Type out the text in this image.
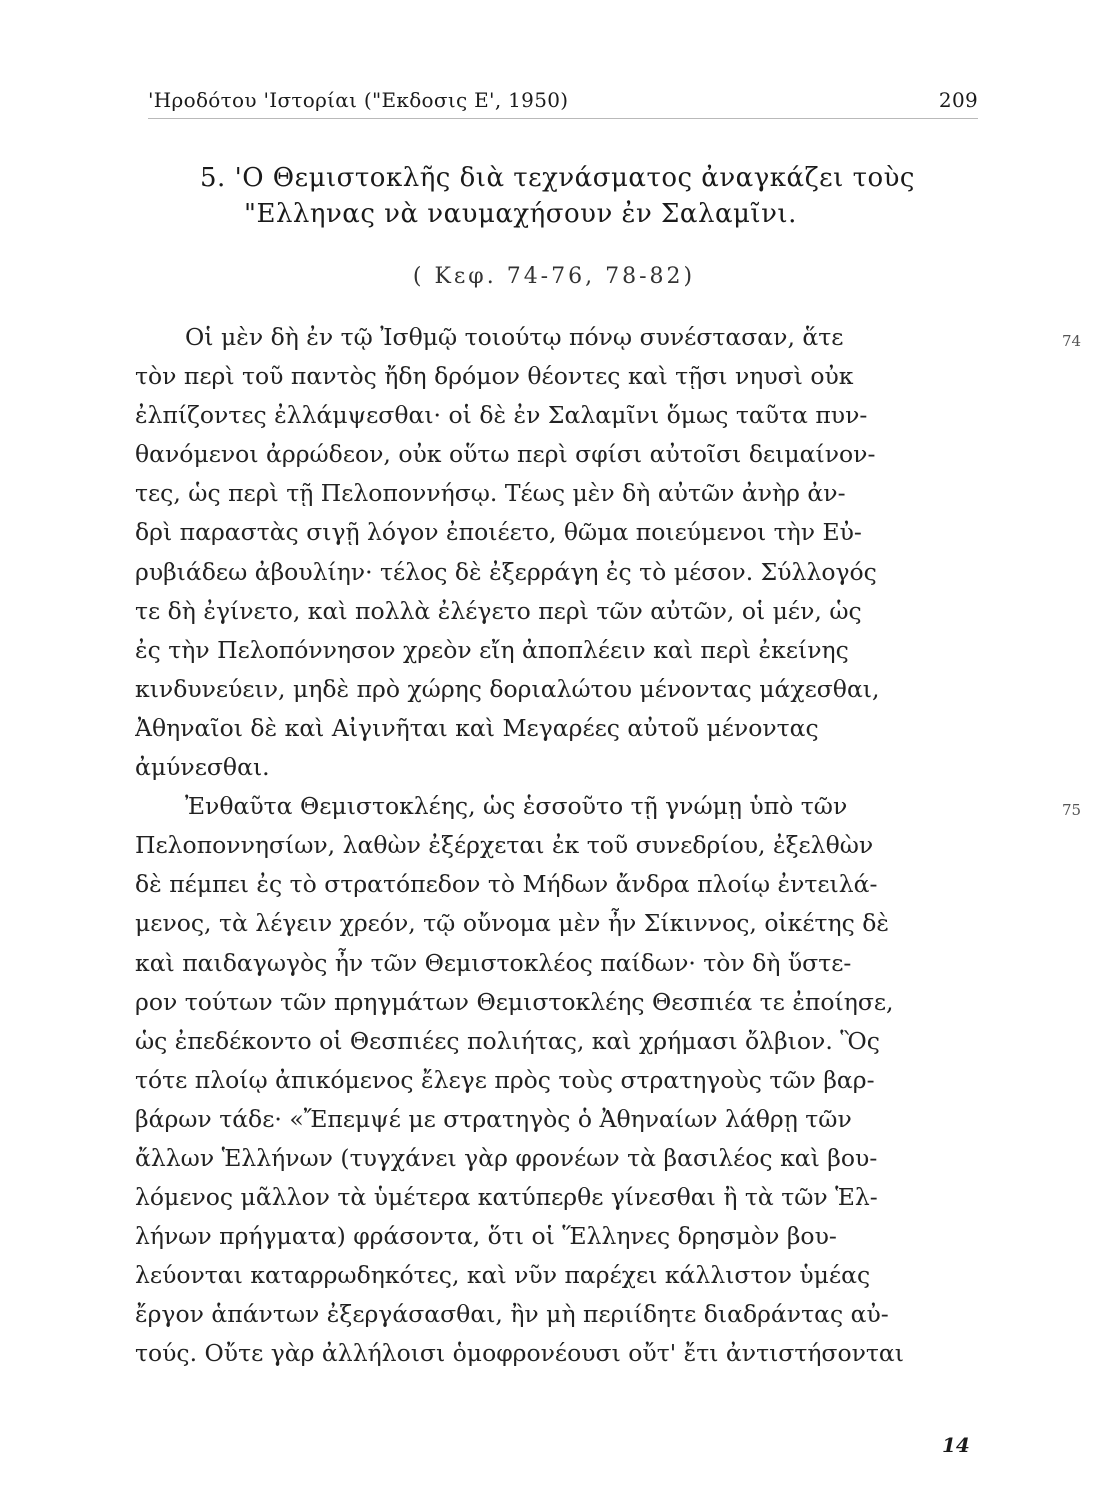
'Ηροδότου 'Ιστορίαι ("Εκδοσις Ε', 1950)	209
5. 'Ο Θεμιστοκλῆς διὰ τεχνάσματος ἀναγκάζει τοὺς
"Ελληνας νὰ ναυμαχήσουν ἐν Σαλαμῖνι.
( Κεφ. 74-76, 78-82)
Οἱ μὲν δὴ ἐν τῷ Ἰσθμῷ τοιούτῳ πόνῳ συνέστασαν, ἅτε
τὸν περὶ τοῦ παντὸς ἤδη δρόμον θέοντες καὶ τῇσι νηυσὶ οὐκ
ἐλπίζοντες ἐλλάμψεσθαι· οἱ δὲ ἐν Σαλαμῖνι ὅμως ταῦτα πυν-
θανόμενοι ἀρρώδεον, οὐκ οὕτω περὶ σφίσι αὐτοῖσι δειμαίνον-
τες, ὡς περὶ τῇ Πελοποννήσῳ. Τέως μὲν δὴ αὐτῶν ἀνὴρ ἀν-
δρὶ παραστὰς σιγῇ λόγον ἐποιέετο, θῶμα ποιεύμενοι τὴν Εὐ-
ρυβιάδεω ἀβουλίην· τέλος δὲ ἐξερράγη ἐς τὸ μέσον. Σύλλογός
τε δὴ ἐγίνετο, καὶ πολλὰ ἐλέγετο περὶ τῶν αὐτῶν, οἱ μέν, ὡς
ἐς τὴν Πελοπόννησον χρεὸν εἴη ἀποπλέειν καὶ περὶ ἐκείνης
κινδυνεύειν, μηδὲ πρὸ χώρης δοριαλώτου μένοντας μάχεσθαι,
Ἀθηναῖοι δὲ καὶ Αἰγινῆται καὶ Μεγαρέες αὐτοῦ μένοντας
ἀμύνεσθαι.
Ἐνθαῦτα Θεμιστοκλέης, ὡς ἑσσοῦτο τῇ γνώμῃ ὑπὸ τῶν
Πελοποννησίων, λαθὼν ἐξέρχεται ἐκ τοῦ συνεδρίου, ἐξελθὼν
δὲ πέμπει ἐς τὸ στρατόπεδον τὸ Μήδων ἄνδρα πλοίῳ ἐντειλά-
μενος, τὰ λέγειν χρεόν, τῷ οὔνομα μὲν ἦν Σίκιννος, οἰκέτης δὲ
καὶ παιδαγωγὸς ἦν τῶν Θεμιστοκλέος παίδων· τὸν δὴ ὕστε-
ρον τούτων τῶν πρηγμάτων Θεμιστοκλέης Θεσπιέα τε ἐποίησε,
ὡς ἐπεδέκοντο οἱ Θεσπιέες πολιήτας, καὶ χρήμασι ὄλβιον. Ὃς
τότε πλοίῳ ἀπικόμενος ἔλεγε πρὸς τοὺς στρατηγοὺς τῶν βαρ-
βάρων τάδε· «Ἔπεμψέ με στρατηγὸς ὁ Ἀθηναίων λάθρῃ τῶν
ἄλλων Ἑλλήνων (τυγχάνει γὰρ φρονέων τὰ βασιλέος καὶ βου-
λόμενος μᾶλλον τὰ ὑμέτερα κατύπερθε γίνεσθαι ἢ τὰ τῶν Ἑλ-
λήνων πρήγματα) φράσοντα, ὅτι οἱ Ἕλληνες δρησμὸν βου-
λεύονται καταρρωδηκότες, καὶ νῦν παρέχει κάλλιστον ὑμέας
ἔργον ἁπάντων ἐξεργάσασθαι, ἢν μὴ περιίδητε διαδράντας αὐ-
τούς. Οὔτε γὰρ ἀλλήλοισι ὁμοφρονέουσι οὔτ' ἔτι ἀντιστήσονται
74
75
14
